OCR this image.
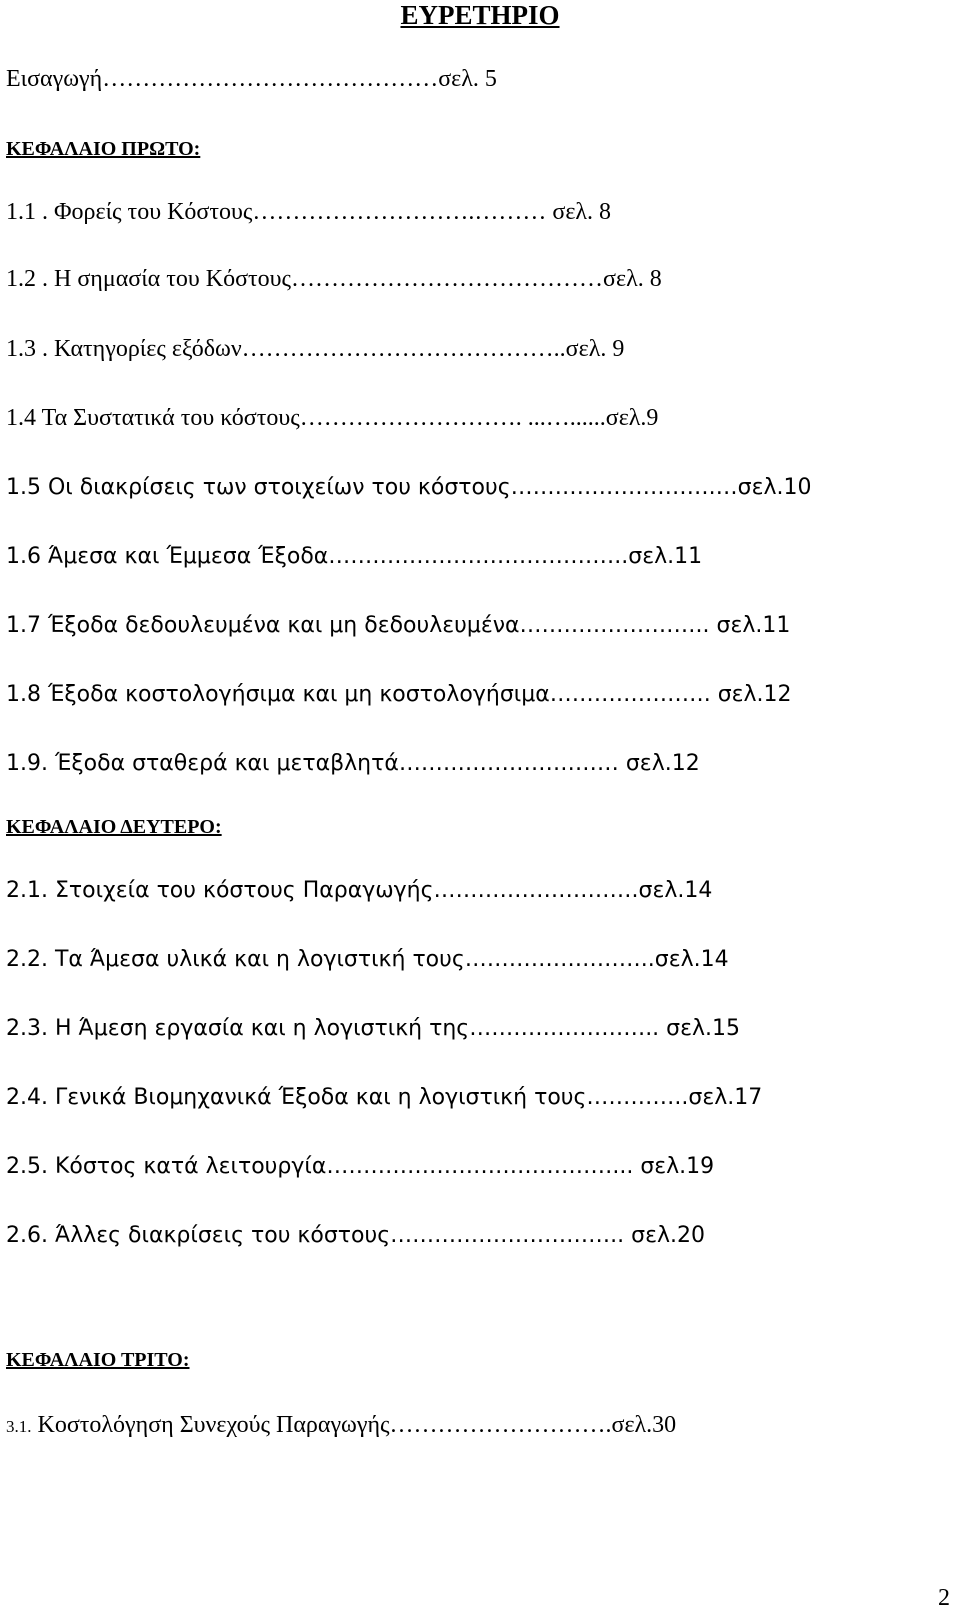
ΕΥΡΕΤΗΡΙΟ
Εισαγωγή……………………………………σελ. 5
ΚΕΦΑΛΑΙΟ ΠΡΩΤΟ:
1.1 . Φορείς του Κόστους……………………….……… σελ. 8
1.2 . Η σημασία του Κόστους…………………………………σελ. 8
1.3 . Κατηγορίες εξόδων…………………………………..σελ. 9
1.4 Τα Συστατικά του κόστους………………………. ...…......σελ.9
1.5 Οι διακρίσεις των στοιχείων του κόστους……………………….…σελ.10
1.6 Άμεσα και Έμμεσα Έξοδα…………………………………..σελ.11
1.7 Έξοδα δεδουλευμένα και μη δεδουλευμένα…………………….. σελ.11
1.8 Έξοδα κοστολογήσιμα και μη κοστολογήσιμα…………………. σελ.12
1.9. Έξοδα σταθερά και μεταβλητά………………………… σελ.12
ΚΕΦΑΛΑΙΟ ΔΕΥΤΕΡΟ:
2.1. Στοιχεία του κόστους Παραγωγής……………………….σελ.14
2.2. Τα Άμεσα υλικά και η λογιστική τους……………………..σελ.14
2.3. Η Άμεση εργασία και η λογιστική της…………………….. σελ.15
2.4. Γενικά Βιομηχανικά Έξοδα και η λογιστική τους…………..σελ.17
2.5. Κόστος κατά λειτουργία…………………………………... σελ.19
2.6. Άλλες διακρίσεις του κόστους………………………….. σελ.20
ΚΕΦΑΛΑΙΟ ΤΡΙΤΟ:
3.1. Κοστολόγηση Συνεχούς Παραγωγής……………………….σελ.30
2
